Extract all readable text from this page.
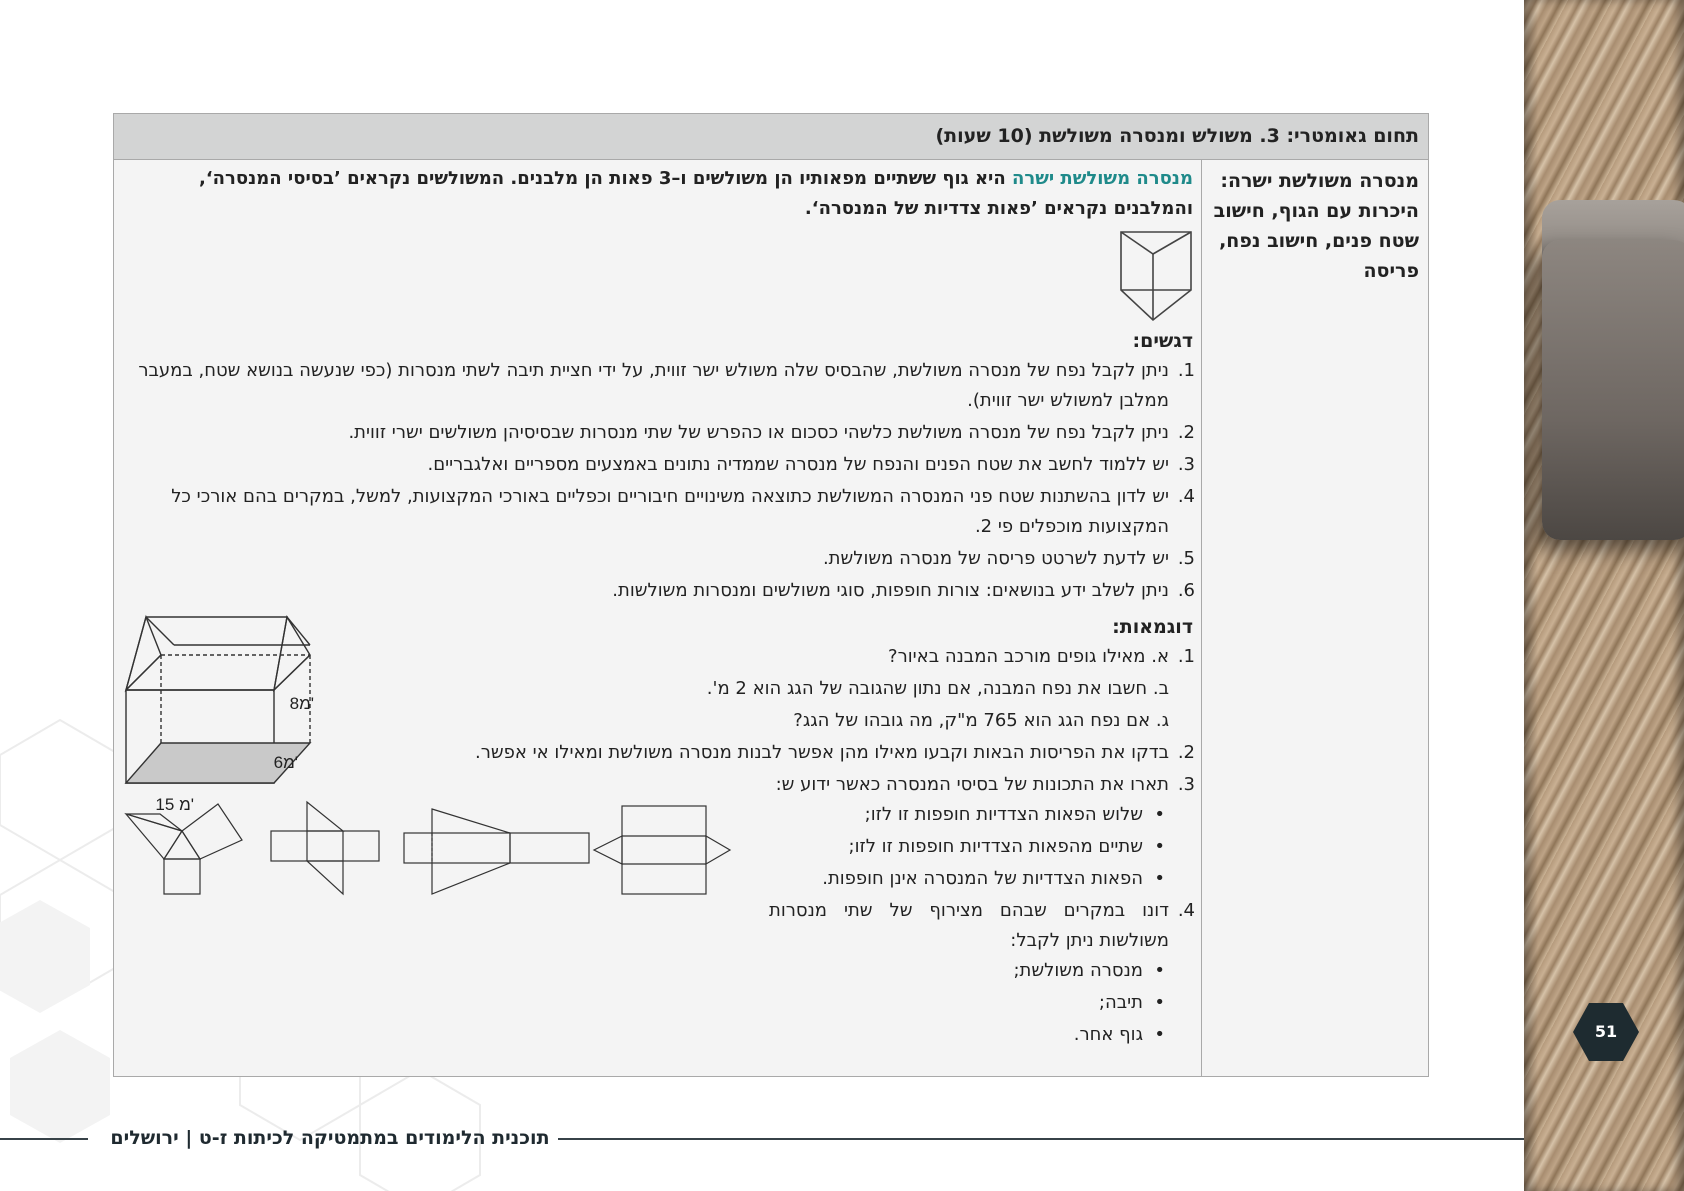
51
תחום גאומטרי: 3. משולש ומנסרה משולשת (10 שעות)
מנסרה משולשת ישרה: היכרות עם הגוף, חישוב שטח פנים, חישוב נפח, פריסה

מנסרה משולשת ישרה היא גוף ששתיים מפאותיו הן משולשים ו–3 פאות הן מלבנים. המשולשים נקראים ’בסיסי המנסרה‘, והמלבנים נקראים ’פאות צדדיות של המנסרה‘.

דגשים:
1.
ניתן לקבל נפח של מנסרה משולשת, שהבסיס שלה משולש ישר זווית, על ידי חציית תיבה לשתי מנסרות (כפי שנעשה בנושא שטח, במעבר ממלבן למשולש ישר זווית).
2.
ניתן לקבל נפח של מנסרה משולשת כלשהי כסכום או כהפרש של שתי מנסרות שבסיסיהן משולשים ישרי זווית.
3.
יש ללמוד לחשב את שטח הפנים והנפח של מנסרה שממדיה נתונים באמצעים מספריים ואלגבריים.
4.
יש לדון בהשתנות שטח פני המנסרה המשולשת כתוצאה משינויים חיבוריים וכפליים באורכי המקצועות, למשל, במקרים בהם אורכי כל המקצועות מוכפלים פי 2.
5.
יש לדעת לשרטט פריסה של מנסרה משולשת.
6.
ניתן לשלב ידע בנושאים: צורות חופפות, סוגי משולשים ומנסרות משולשות.
דוגמאות:
1.
א. מאילו גופים מורכב המבנה באיור?
ב. חשבו את נפח המבנה, אם נתון שהגובה של הגג הוא 2 מ'.
ג. אם נפח הגג הוא 765 מ"ק, מה גובהו של הגג?
2.
בדקו את הפריסות הבאות וקבעו מאילו מהן אפשר לבנות מנסרה משולשת ומאילו אי אפשר.
3.
תארו את התכונות של בסיסי המנסרה כאשר ידוע ש:
• שלוש הפאות הצדדיות חופפות זו לזו;
• שתיים מהפאות הצדדיות חופפות זו לזו;
• הפאות הצדדיות של המנסרה אינן חופפות.
4.
דונו במקרים שבהם מצירוף של שתי מנסרות משולשות ניתן לקבל:
• מנסרה משולשת;
• תיבה;
• גוף אחר.
8מ'
6מ'
15 מ'
תוכנית הלימודים במתמטיקה לכיתות ז-ט | ירושלים
